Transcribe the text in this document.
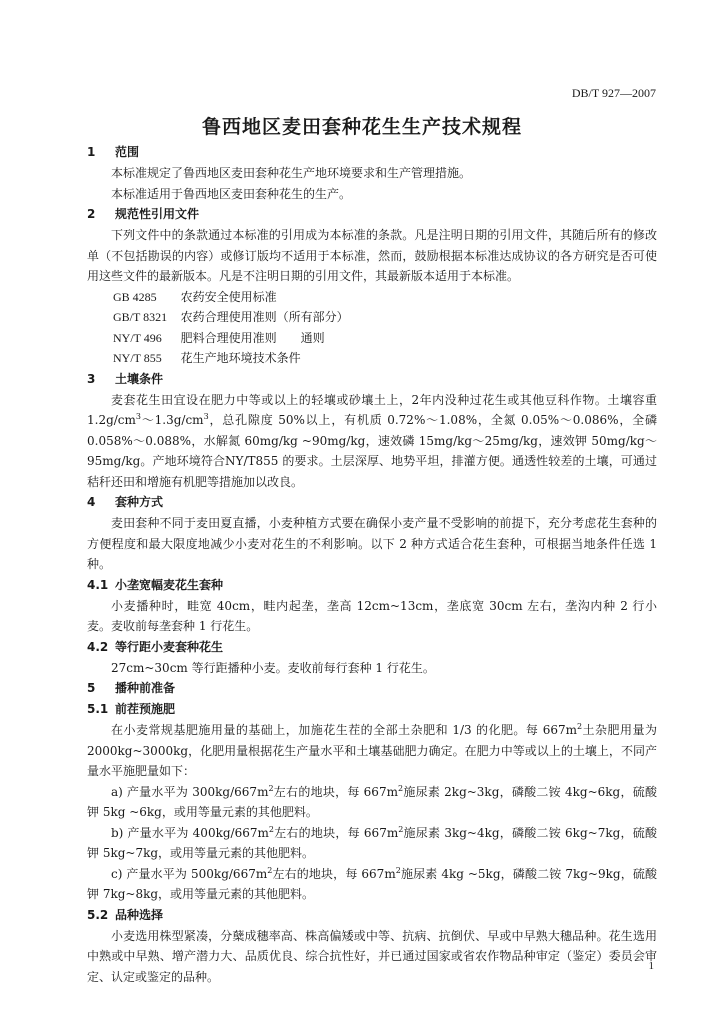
DB/T 927—2007
鲁西地区麦田套种花生生产技术规程
1 范围

本标准规定了鲁西地区麦田套种花生产地环境要求和生产管理措施。

本标准适用于鲁西地区麦田套种花生的生产。

2 规范性引用文件

下列文件中的条款通过本标准的引用成为本标准的条款。凡是注明日期的引用文件，其随后所有的修改单（不包括勘误的内容）或修订版均不适用于本标准，然而，鼓励根据本标准达成协议的各方研究是否可使用这些文件的最新版本。凡是不注明日期的引用文件，其最新版本适用于本标准。

GB 4285 农药安全使用标准
GB/T 8321 农药合理使用准则（所有部分）
NY/T 496 肥料合理使用准则　　通则
NY/T 855 花生产地环境技术条件
3 土壤条件

麦套花生田宜设在肥力中等或以上的轻壤或砂壤土上，2年内没种过花生或其他豆科作物。土壤容重 $1.2g/cm^3\sim 1.3g/cm^3$，总孔隙度 50%以上，有机质 0.72%～1.08%，全氮 0.05%～0.086%，全磷 0.058%～0.088%，水解氮 60mg/kg ~90mg/kg，速效磷 15mg/kg～25mg/kg，速效钾 50mg/kg～95mg/kg。产地环境符合NY/T855 的要求。土层深厚、地势平坦，排灌方便。通透性较差的土壤，可通过秸秆还田和增施有机肥等措施加以改良。

4 套种方式

麦田套种不同于麦田夏直播，小麦种植方式要在确保小麦产量不受影响的前提下，充分考虑花生套种的方便程度和最大限度地减少小麦对花生的不利影响。以下 2 种方式适合花生套种，可根据当地条件任选 1 种。

4.1 小垄宽幅麦花生套种

小麦播种时，畦宽 40cm，畦内起垄，垄高 12cm~13cm，垄底宽 30cm 左右，垄沟内种 2 行小麦。麦收前每垄套种 1 行花生。

4.2 等行距小麦套种花生

27cm~30cm 等行距播种小麦。麦收前每行套种 1 行花生。

5 播种前准备
5.1 前茬预施肥

在小麦常规基肥施用量的基础上，加施花生茬的全部土杂肥和 1/3 的化肥。每 $667m^2$土杂肥用量为 2000kg~3000kg，化肥用量根据花生产量水平和土壤基础肥力确定。在肥力中等或以上的土壤上，不同产量水平施肥量如下：

a) 产量水平为 $300kg/667m^2$左右的地块，每 $667m^2$施尿素 2kg~3kg，磷酸二铵 4kg~6kg，硫酸钾 5kg ~6kg，或用等量元素的其他肥料。

b) 产量水平为 $400kg/667m^2$左右的地块，每 $667m^2$施尿素 3kg~4kg，磷酸二铵 6kg~7kg，硫酸钾 5kg~7kg，或用等量元素的其他肥料。

c) 产量水平为 $500kg/667m^2$左右的地块，每 $667m^2$施尿素 4kg ~5kg，磷酸二铵 7kg~9kg，硫酸钾 7kg~8kg，或用等量元素的其他肥料。

5.2 品种选择

小麦选用株型紧凑，分蘖成穗率高、株高偏矮或中等、抗病、抗倒伏、早或中早熟大穗品种。花生选用中熟或中早熟、增产潜力大、品质优良、综合抗性好，并已通过国家或省农作物品种审定（鉴定）委员会审定、认定或鉴定的品种。

1
